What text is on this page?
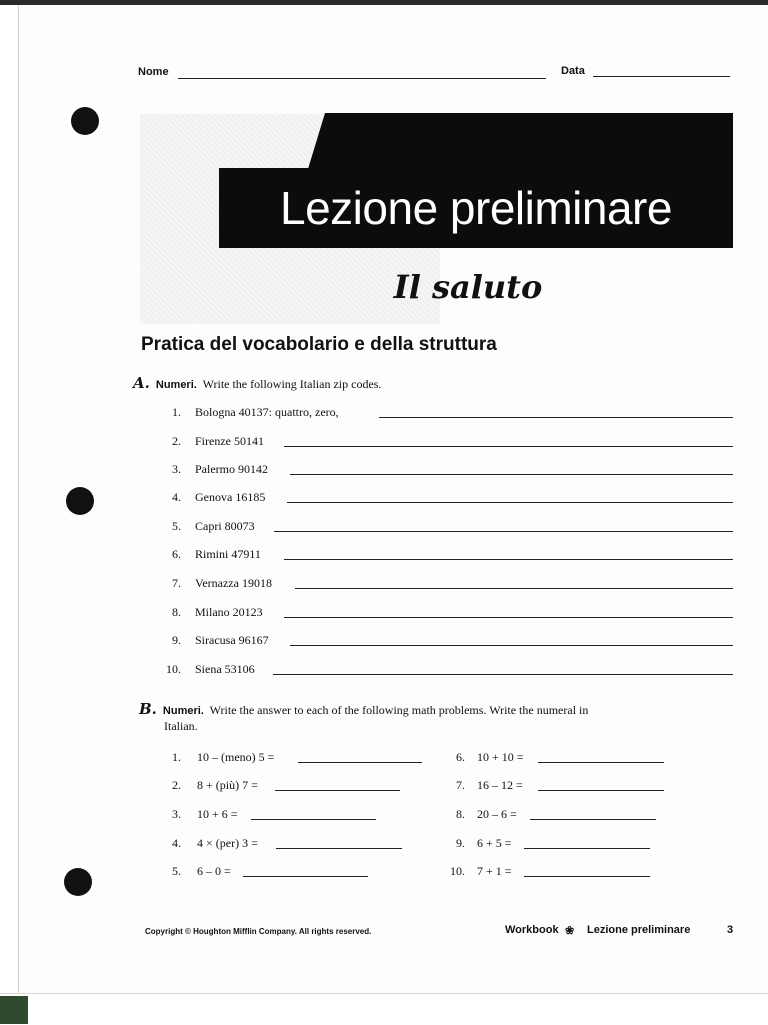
Nome	Data
Lezione preliminare
Il saluto
Pratica del vocabolario e della struttura
A. Numeri. Write the following Italian zip codes.
1. Bologna 40137: quattro, zero,
2. Firenze 50141
3. Palermo 90142
4. Genova 16185
5. Capri 80073
6. Rimini 47911
7. Vernazza 19018
8. Milano 20123
9. Siracusa 96167
10. Siena 53106
B. Numeri. Write the answer to each of the following math problems. Write the numeral in
Italian.
1. 10 – (meno) 5 =
2. 8 + (più) 7 =
3. 10 + 6 =
4. 4 × (per) 3 =
5. 6 – 0 =
6. 10 + 10 =
7. 16 – 12 =
8. 20 – 6 =
9. 6 + 5 =
10. 7 + 1 =
Copyright © Houghton Mifflin Company. All rights reserved.	Workbook ❀ Lezione preliminare	3
